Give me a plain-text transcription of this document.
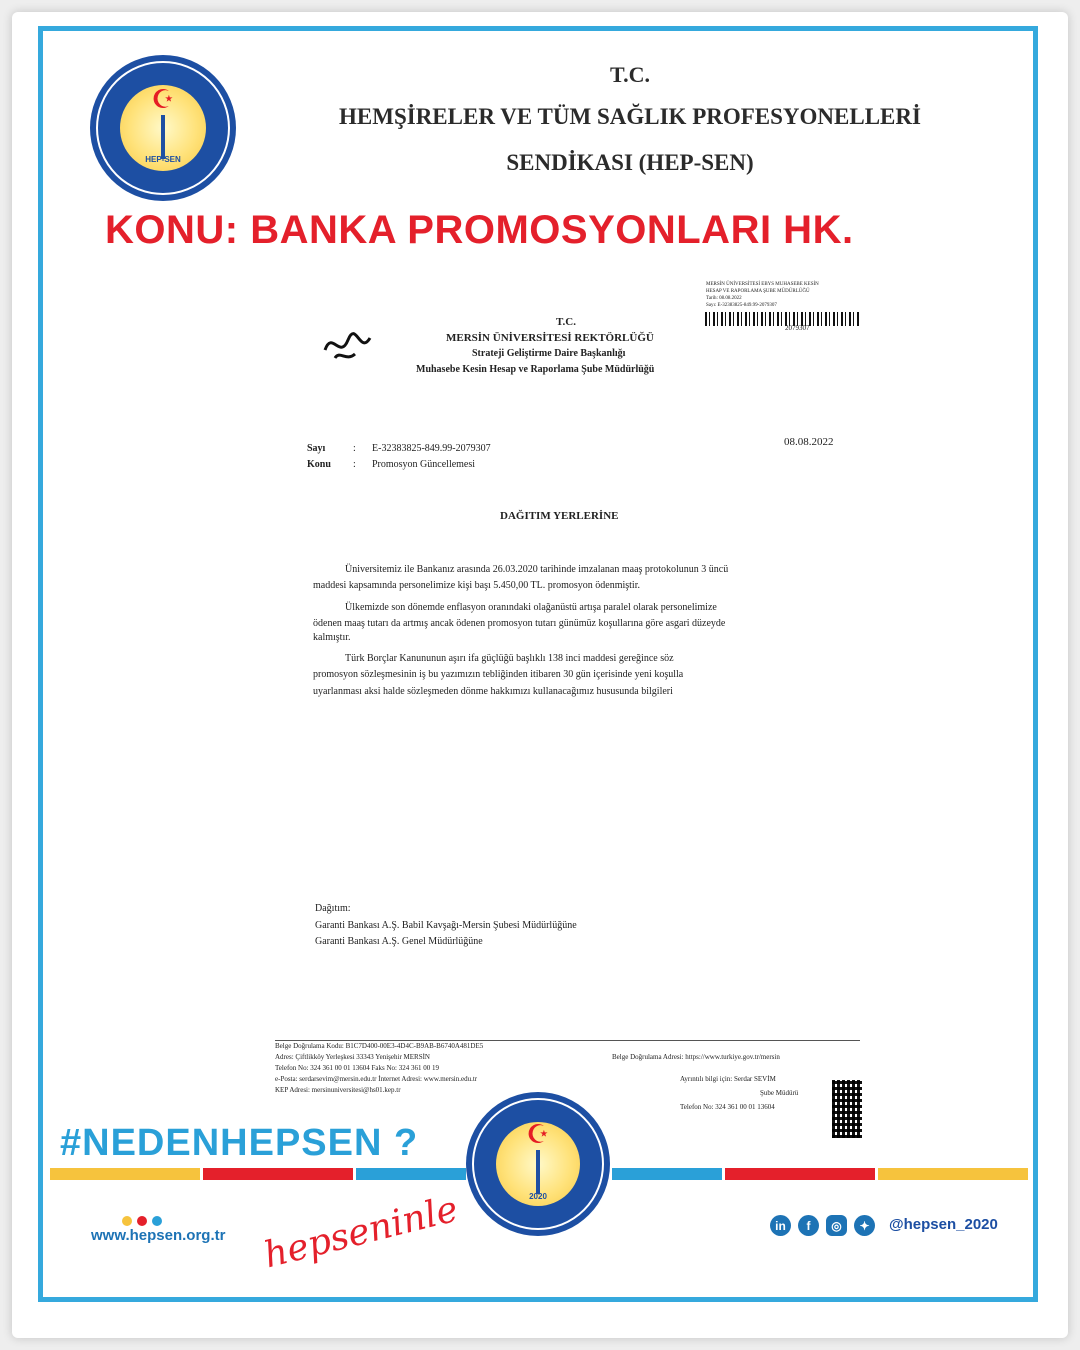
☪
HEP-SEN
T.C.
HEMŞİRELER VE TÜM SAĞLIK PROFESYONELLERİ
SENDİKASI (HEP-SEN)
KONU: BANKA PROMOSYONLARI HK.
MERSİN ÜNİVERSİTESİ EBYS MUHASEBE KESİN
HESAP VE RAPORLAMA ŞUBE MÜDÜRLÜĞÜ
Tarih: 08.08.2022
Sayı: E-32383825-849.99-2079307
2079307
T.C.
MERSİN ÜNİVERSİTESİ REKTÖRLÜĞÜ
Strateji Geliştirme Daire Başkanlığı
Muhasebe Kesin Hesap ve Raporlama Şube Müdürlüğü
08.08.2022
Sayı	: E-32383825-849.99-2079307
Konu : Promosyon Güncellemesi
DAĞITIM YERLERİNE
Üniversitemiz ile Bankanız arasında 26.03.2020 tarihinde imzalanan maaş protokolunun 3 üncü
maddesi kapsamında personelimize kişi başı 5.450,00 TL. promosyon ödenmiştir.
Ülkemizde son dönemde enflasyon oranındaki olağanüstü artışa paralel olarak personelimize
ödenen maaş tutarı da artmış ancak ödenen promosyon tutarı günümüz koşullarına göre asgari düzeyde
kalmıştır.
Türk Borçlar Kanununun aşırı ifa güçlüğü başlıklı 138 inci maddesi gereğince söz
promosyon sözleşmesinin iş bu yazımızın tebliğinden itibaren 30 gün içerisinde yeni koşulla
uyarlanması aksi halde sözleşmeden dönme hakkımızı kullanacağımız hususunda bilgileri
Dağıtım:
Garanti Bankası A.Ş. Babil Kavşağı-Mersin Şubesi Müdürlüğüne
Garanti Bankası A.Ş. Genel Müdürlüğüne
Belge Doğrulama Kodu: B1C7D400-00E3-4D4C-B9AB-B6740A481DE5
Adres: Çiftlikköy Yerleşkesi 33343 Yenişehir MERSİN
Telefon No: 324 361 00 01 13604 Faks No: 324 361 00 19
e-Posta: serdarsevim@mersin.edu.tr İnternet Adresi: www.mersin.edu.tr
KEP Adresi: mersinuniversitesi@hs01.kep.tr
Belge Doğrulama Adresi: https://www.turkiye.gov.tr/mersin
Ayrıntılı bilgi için: Serdar SEVİM
Şube Müdürü
Telefon No: 324 361 00 01 13604
#NEDENHEPSEN ?
www.hepsen.org.tr hepseninle
☪
2020
in	f	◎	✦	@hepsen_2020
